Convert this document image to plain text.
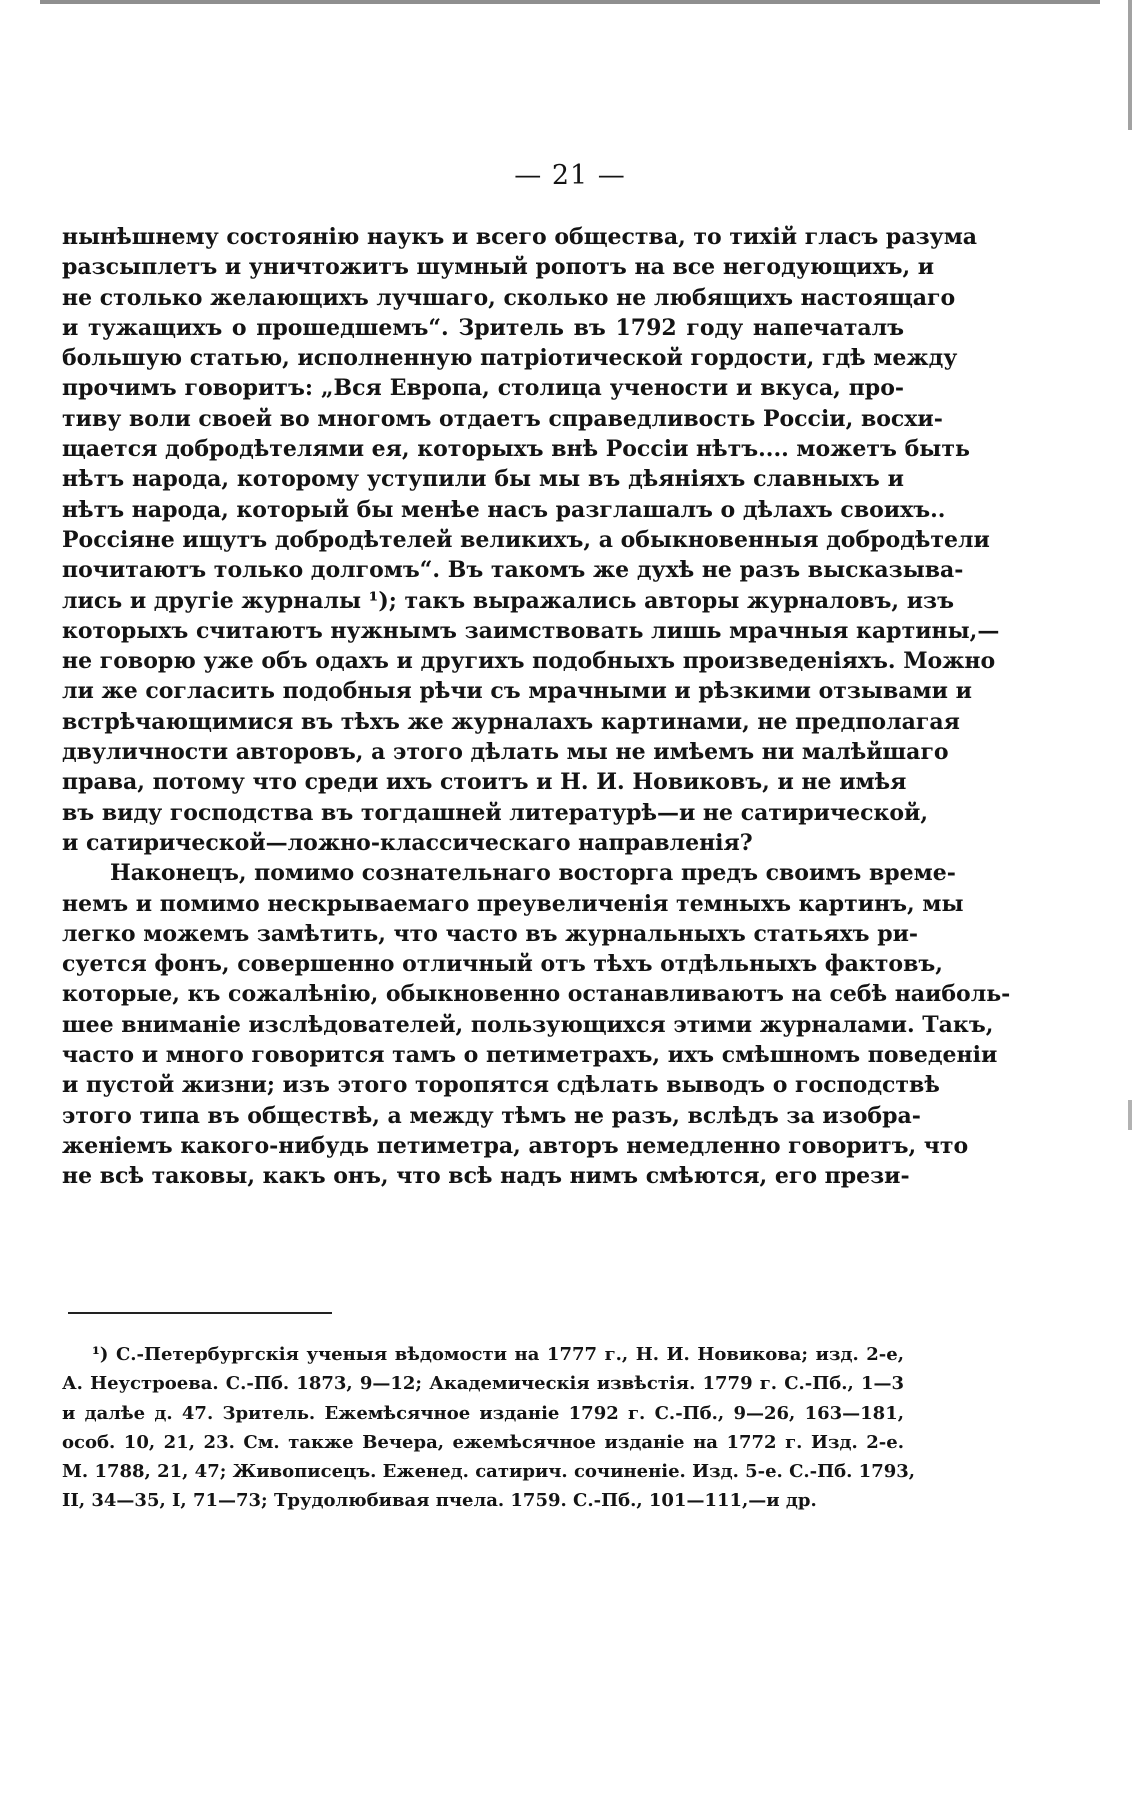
— 21 —
нынѣшнему состоянію наукъ и всего общества, то тихій гласъ разума
разсыплетъ и уничтожитъ шумный ропотъ на все негодующихъ, и
не столько желающихъ лучшаго, сколько не любящихъ настоящаго
и тужащихъ о прошедшемъ“. Зритель въ 1792 году напечаталъ
большую статью, исполненную патріотической гордости, гдѣ между
прочимъ говоритъ: „Вся Европа, столица учености и вкуса, про-
тиву воли своей во многомъ отдаетъ справедливость Россіи, восхи-
щается добродѣтелями ея, которыхъ внѣ Россіи нѣтъ.... можетъ быть
нѣтъ народа, которому уступили бы мы въ дѣяніяхъ славныхъ и
нѣтъ народа, который бы менѣе насъ разглашалъ о дѣлахъ своихъ..
Россіяне ищутъ добродѣтелей великихъ, а обыкновенныя добродѣтели
почитаютъ только долгомъ“. Въ такомъ же духѣ не разъ высказыва-
лись и другіе журналы ¹); такъ выражались авторы журналовъ, изъ
которыхъ считаютъ нужнымъ заимствовать лишь мрачныя картины,—
не говорю уже объ одахъ и другихъ подобныхъ произведеніяхъ. Можно
ли же согласить подобныя рѣчи съ мрачными и рѣзкими отзывами и
встрѣчающимися въ тѣхъ же журналахъ картинами, не предполагая
двуличности авторовъ, а этого дѣлать мы не имѣемъ ни малѣйшаго
права, потому что среди ихъ стоитъ и Н. И. Новиковъ, и не имѣя
въ виду господства въ тогдашней литературѣ—и не сатирической,
и сатирической—ложно-классическаго направленія?
Наконецъ, помимо сознательнаго восторга предъ своимъ време-
немъ и помимо нескрываемаго преувеличенія темныхъ картинъ, мы
легко можемъ замѣтить, что часто въ журнальныхъ статьяхъ ри-
суется фонъ, совершенно отличный отъ тѣхъ отдѣльныхъ фактовъ,
которые, къ сожалѣнію, обыкновенно останавливаютъ на себѣ наиболь-
шее вниманіе изслѣдователей, пользующихся этими журналами. Такъ,
часто и много говорится тамъ о петиметрахъ, ихъ смѣшномъ поведеніи
и пустой жизни; изъ этого торопятся сдѣлать выводъ о господствѣ
этого типа въ обществѣ, а между тѣмъ не разъ, вслѣдъ за изобра-
женіемъ какого-нибудь петиметра, авторъ немедленно говоритъ, что
не всѣ таковы, какъ онъ, что всѣ надъ нимъ смѣются, его прези-
¹) С.-Петербургскія ученыя вѣдомости на 1777 г., Н. И. Новикова; изд. 2-е,
А. Неустроева. С.-Пб. 1873, 9—12; Академическія извѣстія. 1779 г. С.-Пб., 1—3
и далѣе д. 47. Зритель. Ежемѣсячное изданіе 1792 г. С.-Пб., 9—26, 163—181,
особ. 10, 21, 23. См. также Вечера, ежемѣсячное изданіе на 1772 г. Изд. 2-е.
М. 1788, 21, 47; Живописецъ. Еженед. сатирич. сочиненіе. Изд. 5-е. С.-Пб. 1793,
II, 34—35, I, 71—73; Трудолюбивая пчела. 1759. С.-Пб., 101—111,—и др.
